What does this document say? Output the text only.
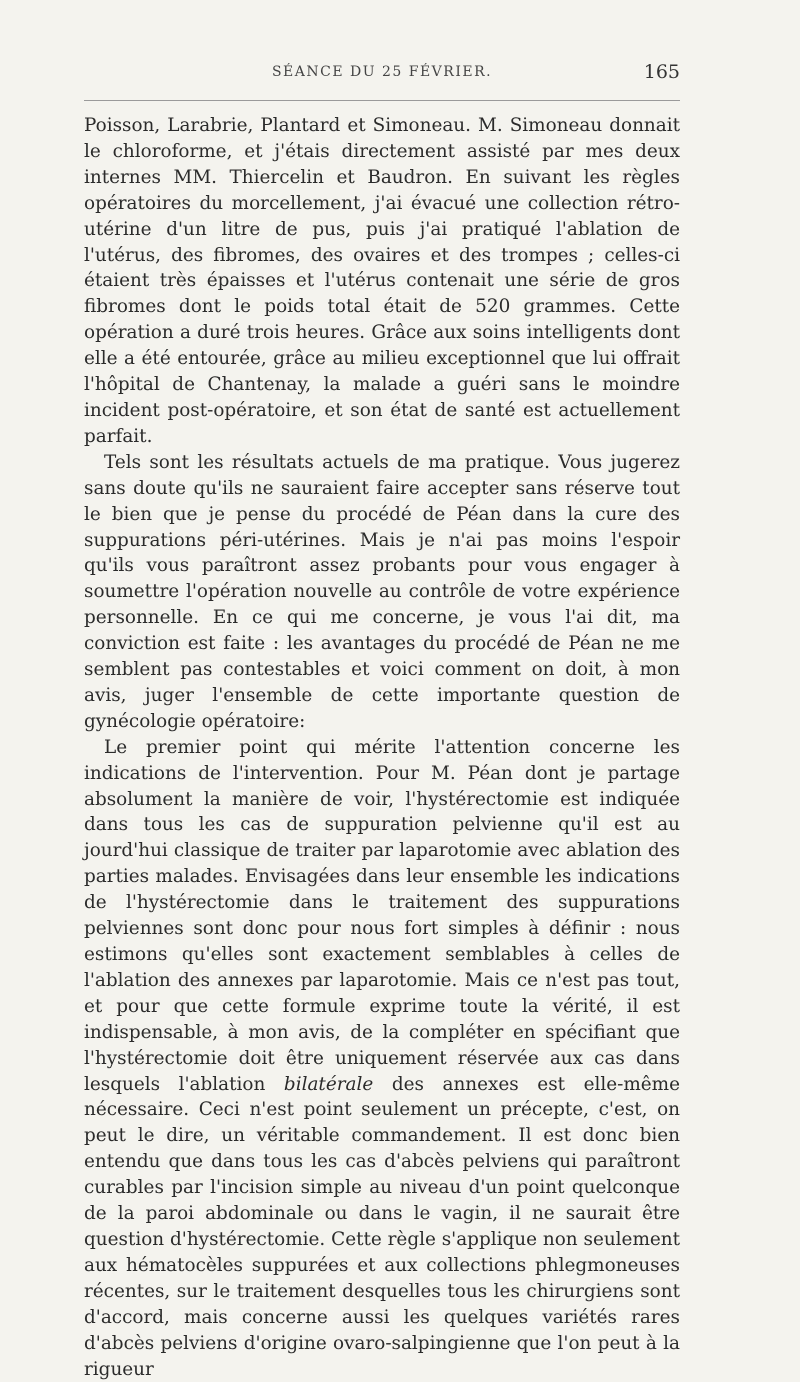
SÉANCE DU 25 FÉVRIER.	165

Poisson, Larabrie, Plantard et Simoneau. M. Simoneau donnait le chloroforme, et j'étais directement assisté par mes deux internes MM. Thiercelin et Baudron. En suivant les règles opératoires du morcellement, j'ai évacué une collection rétro-utérine d'un litre de pus, puis j'ai pratiqué l'ablation de l'utérus, des fibromes, des ovaires et des trompes ; celles-ci étaient très épaisses et l'utérus contenait une série de gros fibromes dont le poids total était de 520 grammes. Cette opération a duré trois heures. Grâce aux soins intelligents dont elle a été entourée, grâce au milieu exceptionnel que lui offrait l'hôpital de Chantenay, la malade a guéri sans le moindre incident post-opératoire, et son état de santé est actuellement parfait.

Tels sont les résultats actuels de ma pratique. Vous jugerez sans doute qu'ils ne sauraient faire accepter sans réserve tout le bien que je pense du procédé de Péan dans la cure des suppurations péri-utérines. Mais je n'ai pas moins l'espoir qu'ils vous paraîtront assez probants pour vous engager à soumettre l'opération nouvelle au contrôle de votre expérience personnelle. En ce qui me concerne, je vous l'ai dit, ma conviction est faite : les avantages du procédé de Péan ne me semblent pas contestables et voici comment on doit, à mon avis, juger l'ensemble de cette importante question de gynécologie opératoire:

Le premier point qui mérite l'attention concerne les indications de l'intervention. Pour M. Péan dont je partage absolument la manière de voir, l'hystérectomie est indiquée dans tous les cas de suppuration pelvienne qu'il est au jourd'hui classique de traiter par laparotomie avec ablation des parties malades. Envisagées dans leur ensemble les indications de l'hystérectomie dans le traitement des suppurations pelviennes sont donc pour nous fort simples à définir : nous estimons qu'elles sont exactement semblables à celles de l'ablation des annexes par laparotomie. Mais ce n'est pas tout, et pour que cette formule exprime toute la vérité, il est indispensable, à mon avis, de la compléter en spécifiant que l'hystérectomie doit être uniquement réservée aux cas dans lesquels l'ablation bilatérale des annexes est elle-même nécessaire. Ceci n'est point seulement un précepte, c'est, on peut le dire, un véritable commandement. Il est donc bien entendu que dans tous les cas d'abcès pelviens qui paraîtront curables par l'incision simple au niveau d'un point quelconque de la paroi abdominale ou dans le vagin, il ne saurait être question d'hystérectomie. Cette règle s'applique non seulement aux hématocèles suppurées et aux collections phlegmoneuses récentes, sur le traitement desquelles tous les chirurgiens sont d'accord, mais concerne aussi les quelques variétés rares d'abcès pelviens d'origine ovaro-salpingienne que l'on peut à la rigueur
